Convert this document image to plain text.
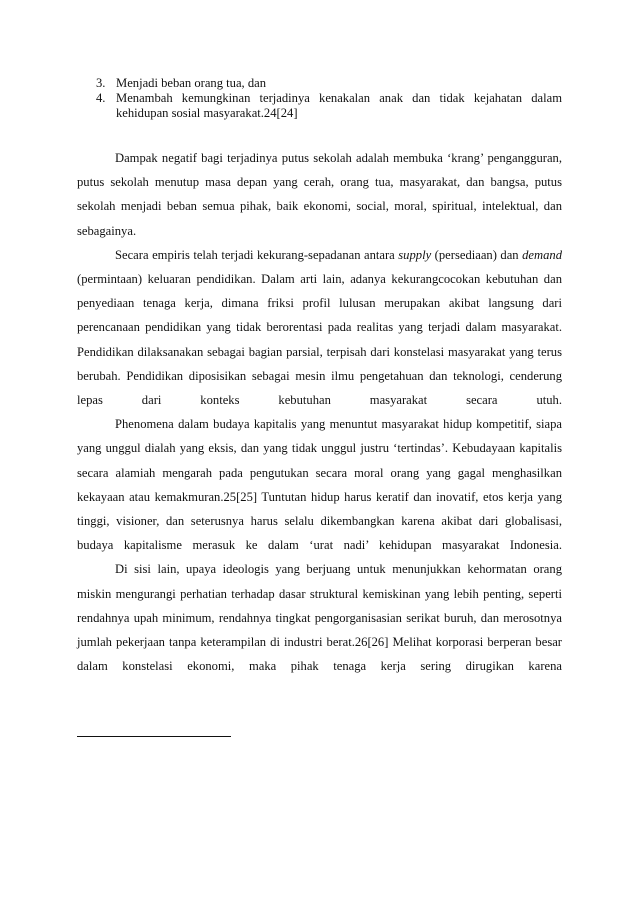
3. Menjadi beban orang tua, dan
4. Menambah kemungkinan terjadinya kenakalan anak dan tidak kejahatan dalam kehidupan sosial masyarakat.24[24]

Dampak negatif bagi terjadinya putus sekolah adalah membuka ‘krang’ pengangguran, putus sekolah menutup masa depan yang cerah, orang tua, masyarakat, dan bangsa, putus sekolah menjadi beban semua pihak, baik ekonomi, social, moral, spiritual, intelektual, dan sebagainya.

Secara empiris telah terjadi kekurang-sepadanan antara supply (persediaan) dan demand (permintaan) keluaran pendidikan. Dalam arti lain, adanya kekurangcocokan kebutuhan dan penyediaan tenaga kerja, dimana friksi profil lulusan merupakan akibat langsung dari perencanaan pendidikan yang tidak berorentasi pada realitas yang terjadi dalam masyarakat. Pendidikan dilaksanakan sebagai bagian parsial, terpisah dari konstelasi masyarakat yang terus berubah. Pendidikan diposisikan sebagai mesin ilmu pengetahuan dan teknologi, cenderung lepas dari konteks kebutuhan masyarakat secara utuh.

Phenomena dalam budaya kapitalis yang menuntut masyarakat hidup kompetitif, siapa yang unggul dialah yang eksis, dan yang tidak unggul justru ‘tertindas’. Kebudayaan kapitalis secara alamiah mengarah pada pengutukan secara moral orang yang gagal menghasilkan kekayaan atau kemakmuran.25[25] Tuntutan hidup harus keratif dan inovatif, etos kerja yang tinggi, visioner, dan seterusnya harus selalu dikembangkan karena akibat dari globalisasi, budaya kapitalisme merasuk ke dalam ‘urat nadi’ kehidupan masyarakat Indonesia.

Di sisi lain, upaya ideologis yang berjuang untuk menunjukkan kehormatan orang miskin mengurangi perhatian terhadap dasar struktural kemiskinan yang lebih penting, seperti rendahnya upah minimum, rendahnya tingkat pengorganisasian serikat buruh, dan merosotnya jumlah pekerjaan tanpa keterampilan di industri berat.26[26] Melihat korporasi berperan besar dalam konstelasi ekonomi, maka pihak tenaga kerja sering dirugikan karena
